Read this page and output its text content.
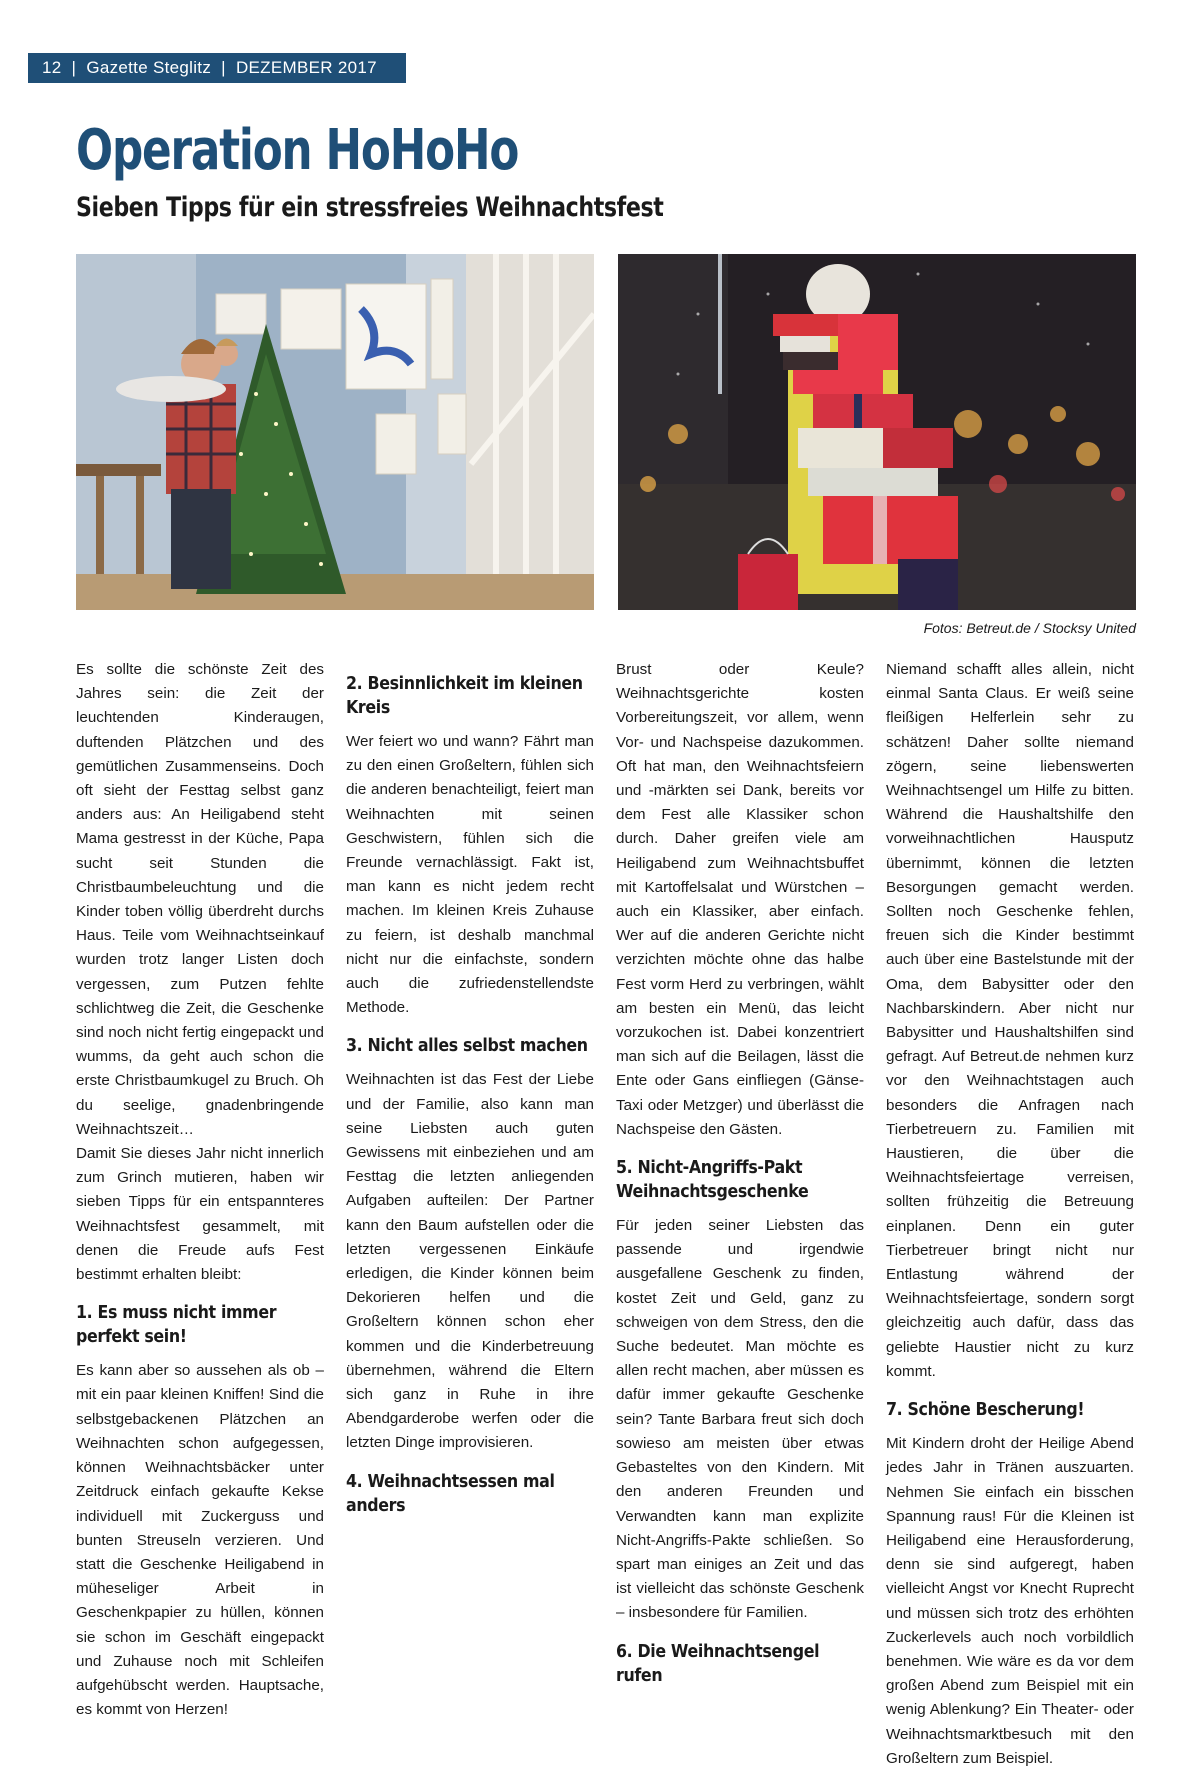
12 | Gazette Steglitz | DEZEMBER 2017
Operation HoHoHo
Sieben Tipps für ein stressfreies Weihnachtsfest
Fotos: Betreut.de / Stocksy United

Es sollte die schönste Zeit des Jahres sein: die Zeit der leuchtenden Kinderaugen, duftenden Plätzchen und des gemütlichen Zusammenseins. Doch oft sieht der Festtag selbst ganz anders aus: An Heiligabend steht Mama gestresst in der Küche, Papa sucht seit Stunden die Christbaumbeleuchtung und die Kinder toben völlig überdreht durchs Haus. Teile vom Weihnachtseinkauf wurden trotz langer Listen doch vergessen, zum Putzen fehlte schlichtweg die Zeit, die Geschenke sind noch nicht fertig eingepackt und wumms, da geht auch schon die erste Christbaumkugel zu Bruch. Oh du seelige, gnadenbringende Weihnachtszeit…

Damit Sie dieses Jahr nicht innerlich zum Grinch mutieren, haben wir sieben Tipps für ein entspannteres Weihnachtsfest gesammelt, mit denen die Freude aufs Fest bestimmt erhalten bleibt:

1. Es muss nicht immer
perfekt sein!

Es kann aber so aussehen als ob – mit ein paar kleinen Kniffen! Sind die selbstgebackenen Plätzchen an Weihnachten schon aufgegessen, können Weihnachtsbäcker unter Zeitdruck einfach gekaufte Kekse individuell mit Zuckerguss und bunten Streuseln verzieren. Und statt die Geschenke Heiligabend in müheseliger Arbeit in Geschenkpapier zu hüllen, können sie schon im Geschäft eingepackt und Zuhause noch mit Schleifen aufgehübscht werden. Hauptsache, es kommt von Herzen!

2. Besinnlichkeit im kleinen Kreis

Wer feiert wo und wann? Fährt man zu den einen Großeltern, fühlen sich die anderen benachteiligt, feiert man Weihnachten mit seinen Geschwistern, fühlen sich die Freunde vernachlässigt. Fakt ist, man kann es nicht jedem recht machen. Im kleinen Kreis Zuhause zu feiern, ist deshalb manchmal nicht nur die einfachste, sondern auch die zufriedenstellendste Methode.

3. Nicht alles selbst machen

Weihnachten ist das Fest der Liebe und der Familie, also kann man seine Liebsten auch guten Gewissens mit einbeziehen und am Festtag die letzten anliegenden Aufgaben aufteilen: Der Partner kann den Baum aufstellen oder die letzten vergessenen Einkäufe erledigen, die Kinder können beim Dekorieren helfen und die Großeltern können schon eher kommen und die Kinderbetreuung übernehmen, während die Eltern sich ganz in Ruhe in ihre Abendgarderobe werfen oder die letzten Dinge improvisieren.

4. Weihnachtsessen mal anders

Brust oder Keule? Weihnachtsgerichte kosten Vorbereitungszeit, vor allem, wenn Vor- und Nachspeise dazukommen. Oft hat man, den Weihnachtsfeiern und -märkten sei Dank, bereits vor dem Fest alle Klassiker schon durch. Daher greifen viele am Heiligabend zum Weihnachtsbuffet mit Kartoffelsalat und Würstchen – auch ein Klassiker, aber einfach. Wer auf die anderen Gerichte nicht verzichten möchte ohne das halbe Fest vorm Herd zu verbringen, wählt am besten ein Menü, das leicht vorzukochen ist. Dabei konzentriert man sich auf die Beilagen, lässt die Ente oder Gans einfliegen (Gänse-Taxi oder Metzger) und überlässt die Nachspeise den Gästen.

5. Nicht-Angriffs-Pakt
Weihnachtsgeschenke

Für jeden seiner Liebsten das passende und irgendwie ausgefallene Geschenk zu finden, kostet Zeit und Geld, ganz zu schweigen von dem Stress, den die Suche bedeutet. Man möchte es allen recht machen, aber müssen es dafür immer gekaufte Geschenke sein? Tante Barbara freut sich doch sowieso am meisten über etwas Gebasteltes von den Kindern. Mit den anderen Freunden und Verwandten kann man explizite Nicht-Angriffs-Pakte schließen. So spart man einiges an Zeit und das ist vielleicht das schönste Geschenk – insbesondere für Familien.

6. Die Weihnachtsengel rufen

Niemand schafft alles allein, nicht einmal Santa Claus. Er weiß seine fleißigen Helferlein sehr zu schätzen! Daher sollte niemand zögern, seine liebenswerten Weihnachtsengel um Hilfe zu bitten. Während die Haushaltshilfe den vorweihnachtlichen Hausputz übernimmt, können die letzten Besorgungen gemacht werden. Sollten noch Geschenke fehlen, freuen sich die Kinder bestimmt auch über eine Bastelstunde mit der Oma, dem Babysitter oder den Nachbarskindern. Aber nicht nur Babysitter und Haushaltshilfen sind gefragt. Auf Betreut.de nehmen kurz vor den Weihnachtstagen auch besonders die Anfragen nach Tierbetreuern zu. Familien mit Haustieren, die über die Weihnachtsfeiertage verreisen, sollten frühzeitig die Betreuung einplanen. Denn ein guter Tierbetreuer bringt nicht nur Entlastung während der Weihnachtsfeiertage, sondern sorgt gleichzeitig auch dafür, dass das geliebte Haustier nicht zu kurz kommt.

7. Schöne Bescherung!

Mit Kindern droht der Heilige Abend jedes Jahr in Tränen auszuarten. Nehmen Sie einfach ein bisschen Spannung raus! Für die Kleinen ist Heiligabend eine Herausforderung, denn sie sind aufgeregt, haben vielleicht Angst vor Knecht Ruprecht und müssen sich trotz des erhöhten Zuckerlevels auch noch vorbildlich benehmen. Wie wäre es da vor dem großen Abend zum Beispiel mit ein wenig Ablenkung? Ein Theater- oder Weihnachtsmarktbesuch mit den Großeltern zum Beispiel.
